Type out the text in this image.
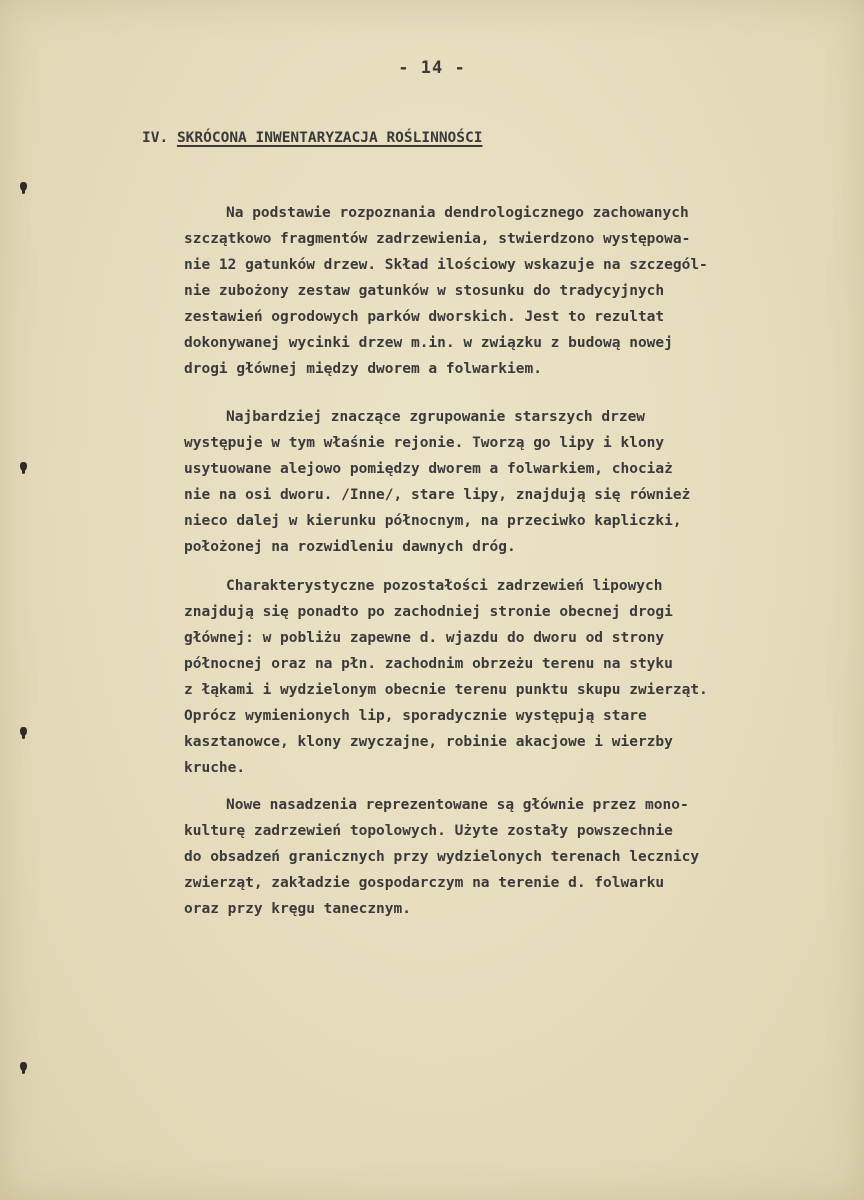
- 14 -
IV. SKRÓCONA INWENTARYZACJA ROŚLINNOŚCI
Na podstawie rozpoznania dendrologicznego zachowanych
szczątkowo fragmentów zadrzewienia, stwierdzono występowa-
nie 12 gatunków drzew. Skład ilościowy wskazuje na szczegól-
nie zubożony zestaw gatunków w stosunku do tradycyjnych
zestawień ogrodowych parków dworskich. Jest to rezultat
dokonywanej wycinki drzew m.in. w związku z budową nowej
drogi głównej między dworem a folwarkiem.
Najbardziej znaczące zgrupowanie starszych drzew
występuje w tym właśnie rejonie. Tworzą go lipy i klony
usytuowane alejowo pomiędzy dworem a folwarkiem, chociaż
nie na osi dworu. /Inne/, stare lipy, znajdują się również
nieco dalej w kierunku północnym, na przeciwko kapliczki,
położonej na rozwidleniu dawnych dróg.
Charakterystyczne pozostałości zadrzewień lipowych
znajdują się ponadto po zachodniej stronie obecnej drogi
głównej: w pobliżu zapewne d. wjazdu do dworu od strony
północnej oraz na płn. zachodnim obrzeżu terenu na styku
z łąkami i wydzielonym obecnie terenu punktu skupu zwierząt.
Oprócz wymienionych lip, sporadycznie występują stare
kasztanowce, klony zwyczajne, robinie akacjowe i wierzby
kruche.
Nowe nasadzenia reprezentowane są głównie przez mono-
kulturę zadrzewień topolowych. Użyte zostały powszechnie
do obsadzeń granicznych przy wydzielonych terenach lecznicy
zwierząt, zakładzie gospodarczym na terenie d. folwarku
oraz przy kręgu tanecznym.
